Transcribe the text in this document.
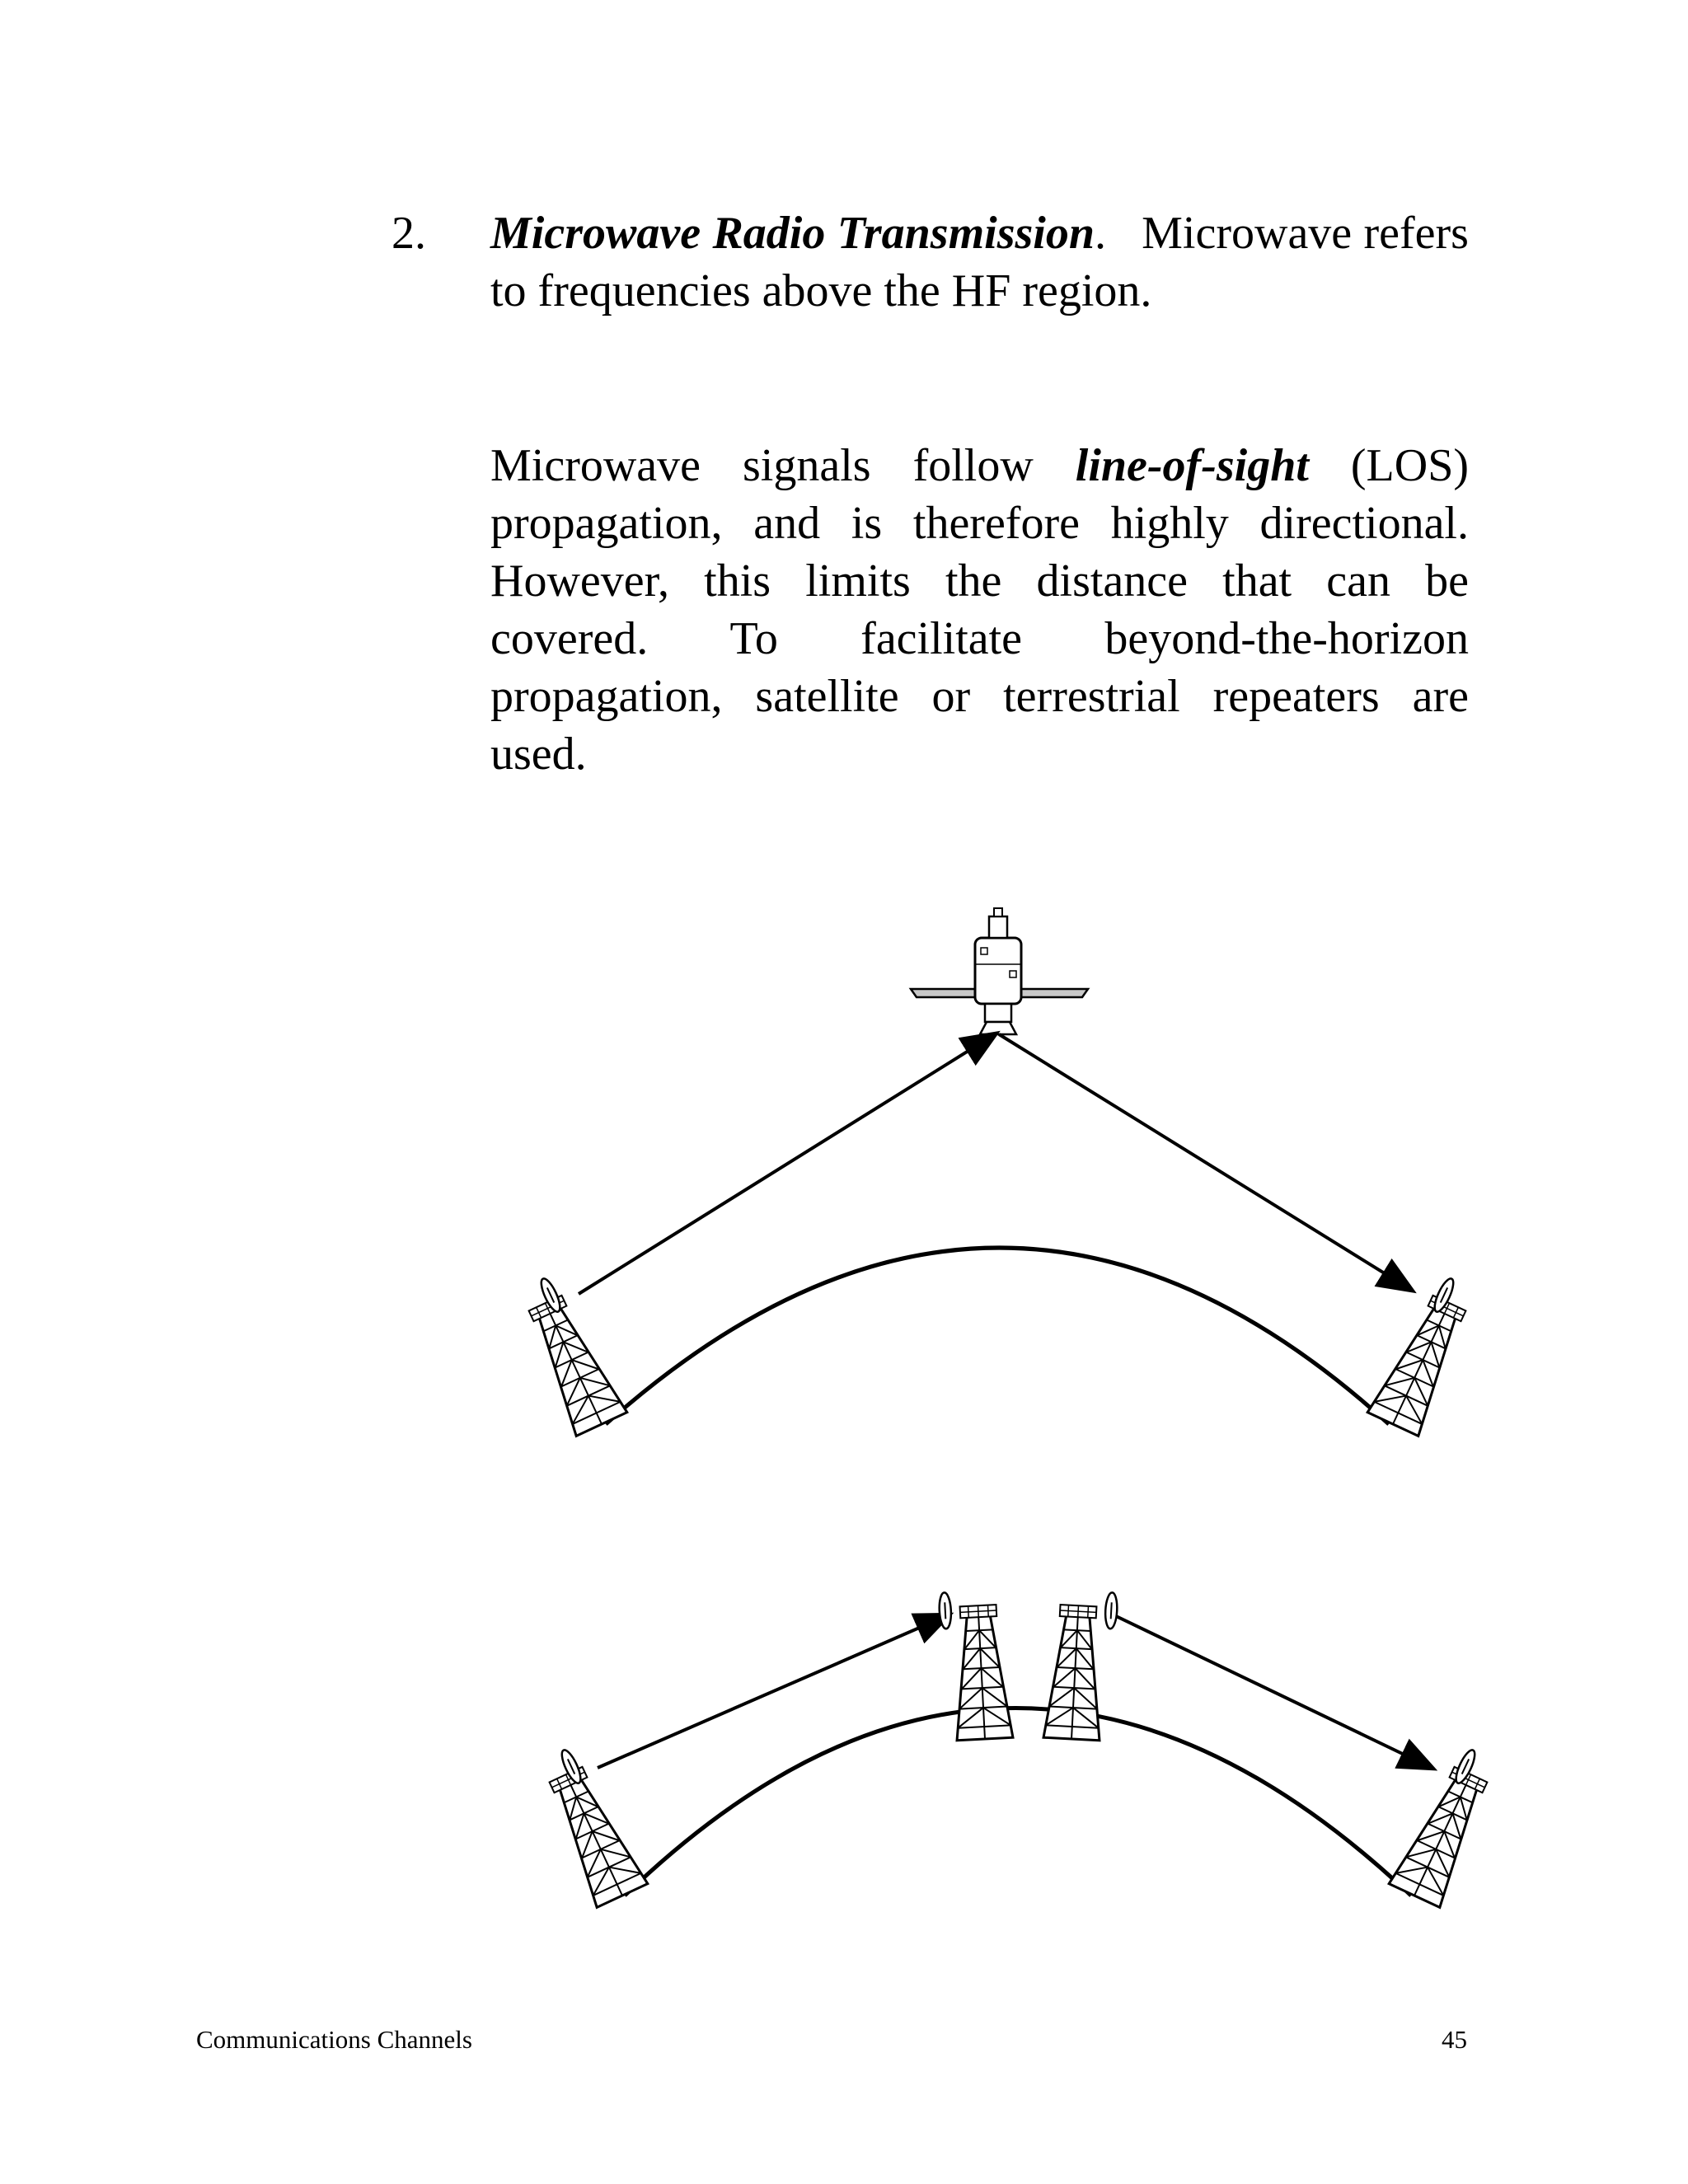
2. Microwave Radio Transmission. Microwave refers to frequencies above the HF region.
Microwave signals follow line-of-sight (LOS) propagation, and is therefore highly directional. However, this limits the distance that can be covered. To facilitate beyond-the-horizon propagation, satellite or terrestrial repeaters are used.
Communications Channels	45
